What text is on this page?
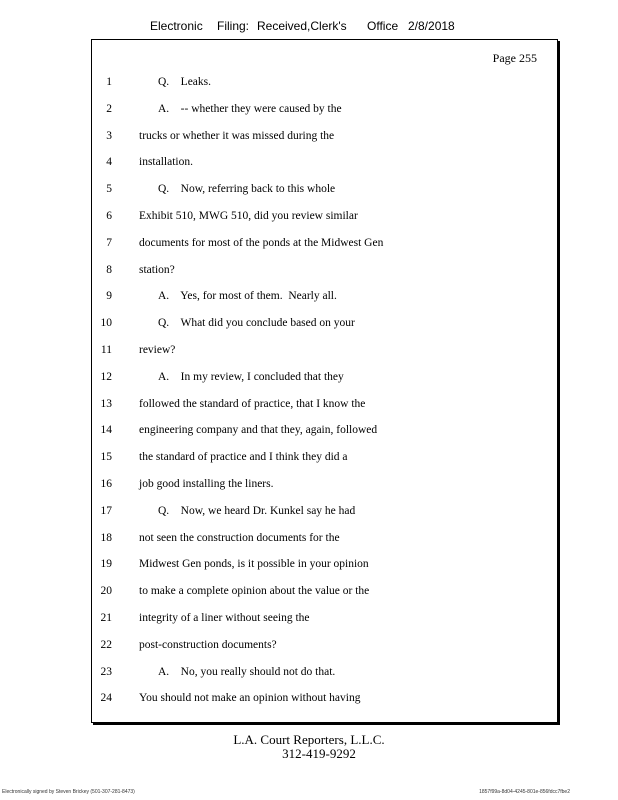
Electronic Filing: Received,Clerk's Office 2/8/2018
Page 255
1	Q.    Leaks.
2	A.    -- whether they were caused by the
3 trucks or whether it was missed during the
4 installation.
5	Q.    Now, referring back to this whole
6 Exhibit 510, MWG 510, did you review similar
7 documents for most of the ponds at the Midwest Gen
8 station?
9	A.    Yes, for most of them.  Nearly all.
10	Q.    What did you conclude based on your
11 review?
12	A.    In my review, I concluded that they
13 followed the standard of practice, that I know the
14 engineering company and that they, again, followed
15 the standard of practice and I think they did a
16 job good installing the liners.
17	Q.    Now, we heard Dr. Kunkel say he had
18 not seen the construction documents for the
19 Midwest Gen ponds, is it possible in your opinion
20 to make a complete opinion about the value or the
21 integrity of a liner without seeing the
22 post-construction documents?
23	A.    No, you really should not do that.
24 You should not make an opinion without having
L.A. Court Reporters, L.L.C.
312-419-9292
Electronically signed by Steven Brickey (501-307-281-8473)	1857f99a-8d04-4245-801e-856fdcc7fbe2
